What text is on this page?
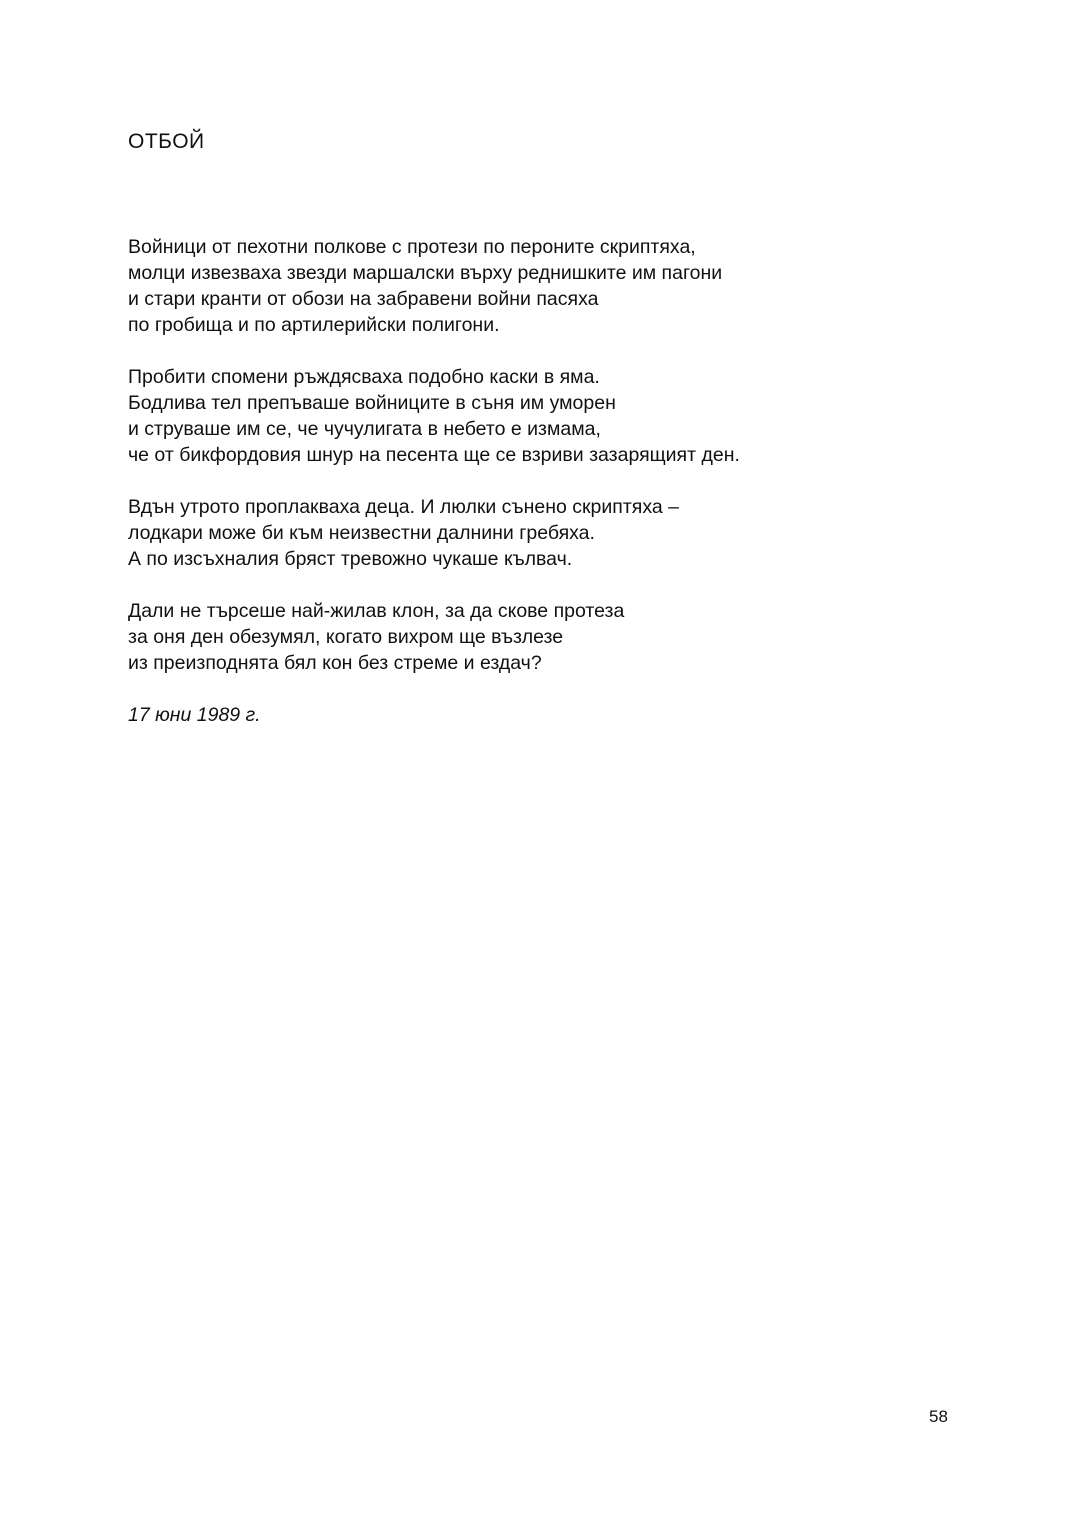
ОТБОЙ
Войници от пехотни полкове с протези по пероните скриптяха,
молци извезваха звезди маршалски върху реднишките им пагони
и стари кранти от обози на забравени войни пасяха
по гробища и по артилерийски полигони.
Пробити спомени ръждясваха подобно каски в яма.
Бодлива тел препъваше войниците в съня им уморен
и струваше им се, че чучулигата в небето е измама,
че от бикфордовия шнур на песента ще се взриви зазарящият ден.
Вдън утрото проплакваха деца. И люлки сънено скриптяха –
лодкари може би към неизвестни далнини гребяха.
А по изсъхналия бряст тревожно чукаше кълвач.
Дали не търсеше най-жилав клон, за да скове протеза
за оня ден обезумял, когато вихром ще възлезе
из преизподнята бял кон без стреме и ездач?
17 юни 1989 г.
58
